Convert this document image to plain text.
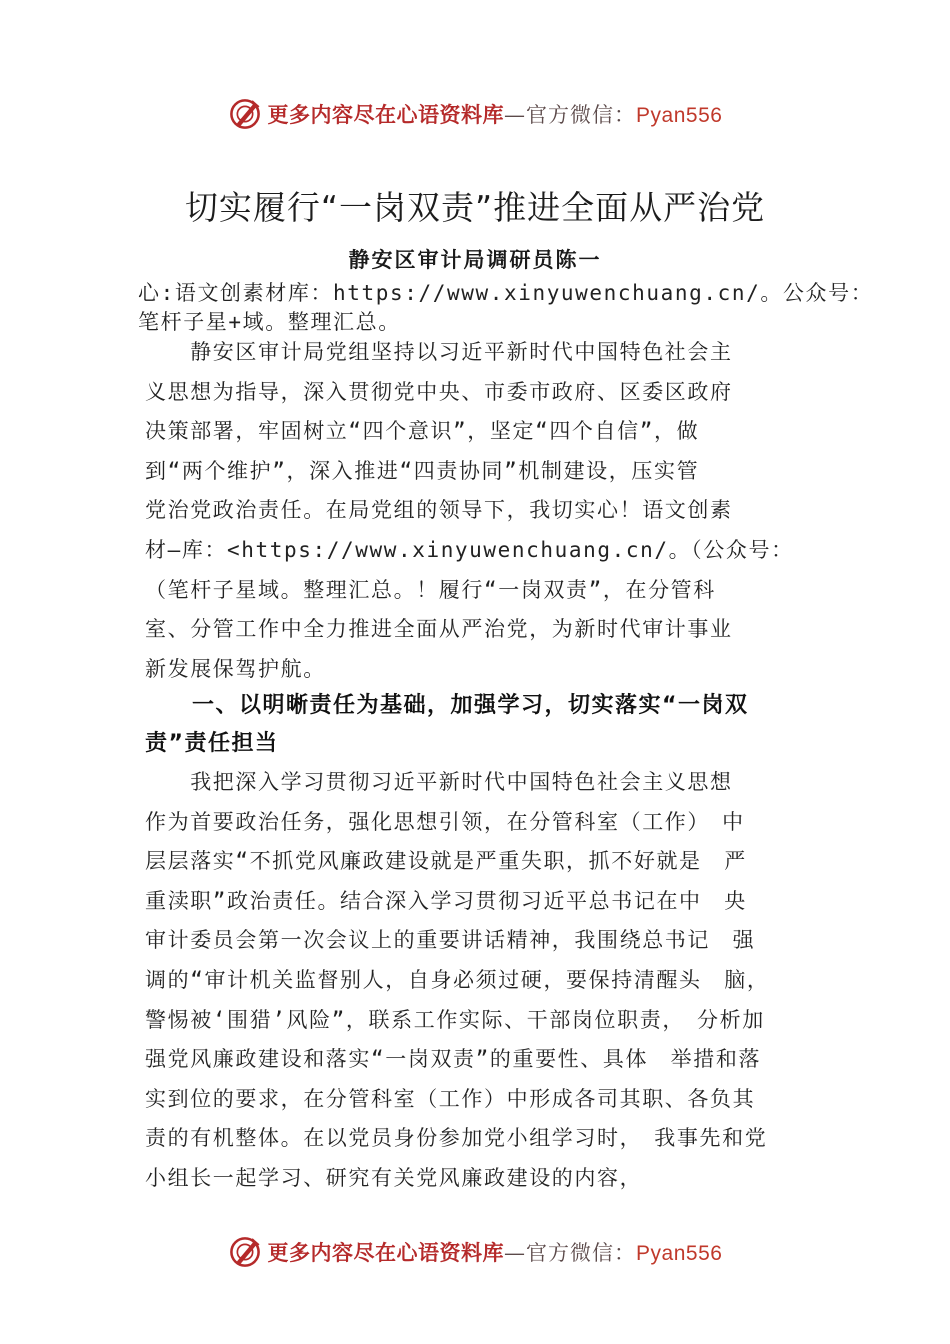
更多内容尽在心语资料库—官方微信：Pyan556
切实履行“一岗双责”推进全面从严治党
静安区审计局调研员陈一

心:语文创素材库：https://www.xinyuwenchuang.cn/。公众号：

笔杆子星+域。整理汇总。

　　静安区审计局党组坚持以习近平新时代中国特色社会主

义思想为指导，深入贯彻党中央、市委市政府、区委区政府

决策部署，牢固树立“四个意识”，坚定“四个自信”，做

到“两个维护”，深入推进“四责协同”机制建设，压实管

党治党政治责任。在局党组的领导下，我切实心！语文创素

材—库：<https://www.xinyuwenchuang.cn/。（公众号：

（笔杆子星域。整理汇总。！履行“一岗双责”，在分管科

室、分管工作中全力推进全面从严治党，为新时代审计事业

新发展保驾护航。

　　一、以明晰责任为基础，加强学习，切实落实“一岗双

责”责任担当

　　我把深入学习贯彻习近平新时代中国特色社会主义思想

作为首要政治任务，强化思想引领，在分管科室（工作）　中

层层落实“不抓党风廉政建设就是严重失职，抓不好就是　严

重渎职”政治责任。结合深入学习贯彻习近平总书记在中　央

审计委员会第一次会议上的重要讲话精神，我围绕总书记　强

调的“审计机关监督别人，自身必须过硬，要保持清醒头　脑，

警惕被‘围猎’风险”，联系工作实际、干部岗位职责，　分析加

强党风廉政建设和落实“一岗双责”的重要性、具体　举措和落

实到位的要求，在分管科室（工作）中形成各司其职、各负其

责的有机整体。在以党员身份参加党小组学习时，　我事先和党

小组长一起学习、研究有关党风廉政建设的内容，

更多内容尽在心语资料库—官方微信：Pyan556
